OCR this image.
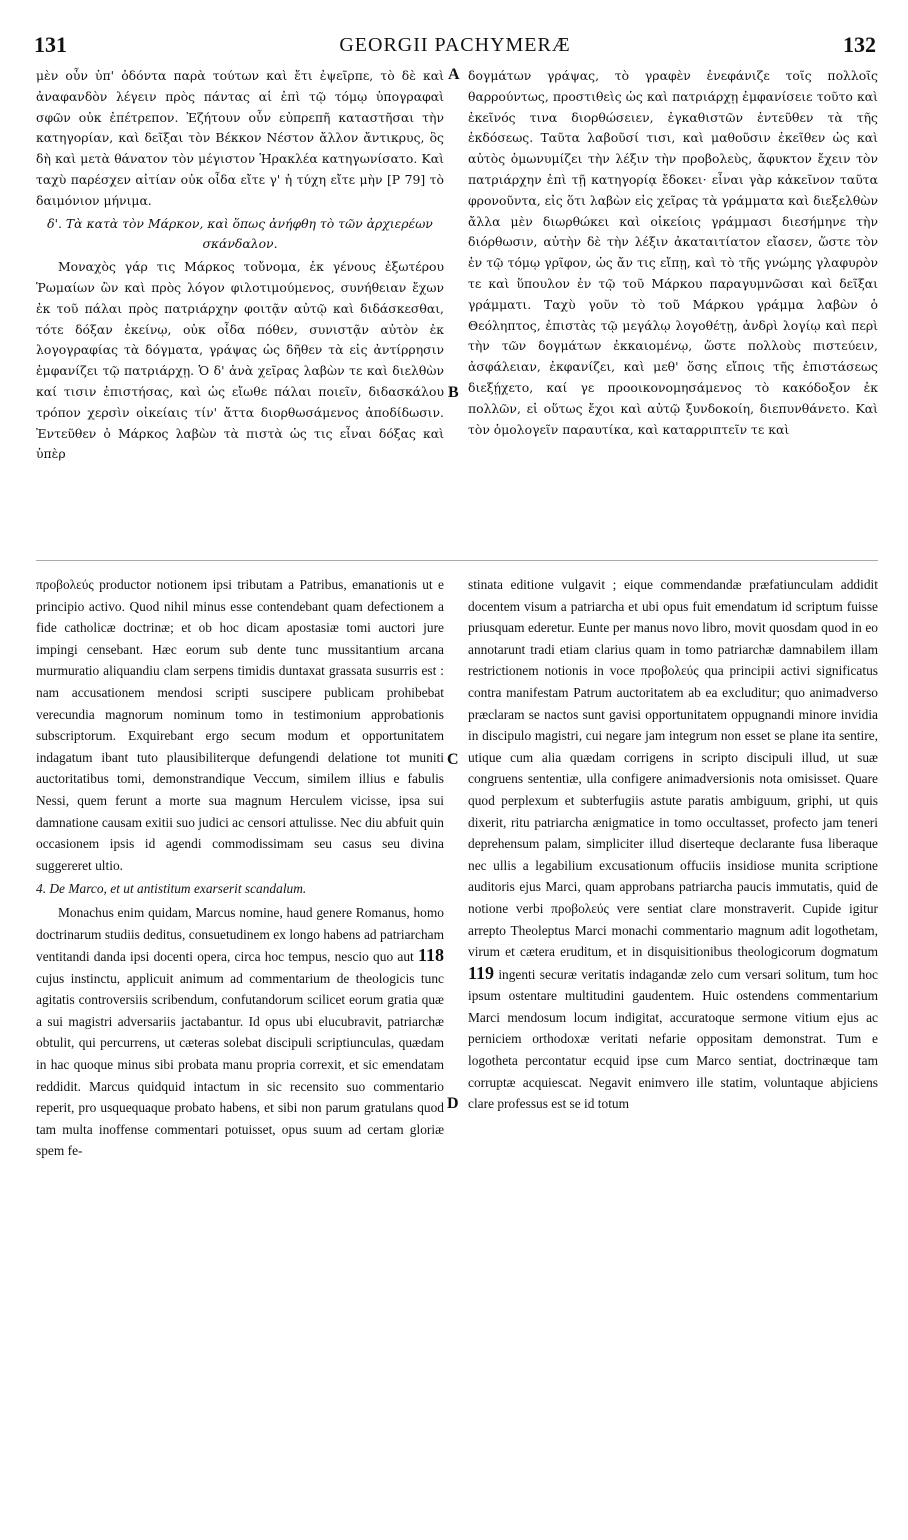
131	GEORGII PACHYMERÆ	132
A
B
C
D

μὲν οὖν ὑπ' ὀδόντα παρὰ τούτων καὶ ἔτι ἐψεῖρπε, τὸ δὲ καὶ ἀναφανδὸν λέγειν πρὸς πάντας αἱ ἐπὶ τῷ τόμῳ ὑπογραφαὶ σφῶν οὐκ ἐπέτρεπον. Ἐζήτουν οὖν εὐπρεπῆ καταστῆσαι τὴν κατηγορίαν, καὶ δεῖξαι τὸν Βέκκον Νέστον ἄλλον ἄντικρυς, ὃς δὴ καὶ μετὰ θάνατον τὸν μέγιστον Ἡρακλέα κατηγωνίσατο. Καὶ ταχὺ παρέσχεν αἰτίαν οὐκ οἶδα εἴτε γ' ἡ τύχη εἴτε μὴν [P 79] τὸ δαιμόνιον μήνιμα.

δ'. Τὰ κατὰ τὸν Μάρκον, καὶ ὅπως ἀνήφθη τὸ τῶν ἀρχιερέων σκάνδαλον.

Μοναχὸς γάρ τις Μάρκος τοὔνομα, ἐκ γένους ἐξωτέρου Ῥωμαίων ὢν καὶ πρὸς λόγον φιλοτιμούμενος, συνήθειαν ἔχων ἐκ τοῦ πάλαι πρὸς πατριάρχην φοιτᾷν αὐτῷ καὶ διδάσκεσθαι, τότε δόξαν ἐκείνῳ, οὐκ οἶδα πόθεν, συνιστᾷν αὐτὸν ἐκ λογογραφίας τὰ δόγματα, γράψας ὡς δῆθεν τὰ εἰς ἀντίρρησιν ἐμφανίζει τῷ πατριάρχῃ. Ὁ δ' ἀνὰ χεῖρας λαβὼν τε καὶ διελθὼν καί τισιν ἐπιστήσας, καὶ ὡς εἴωθε πάλαι ποιεῖν, διδασκάλου τρόπον χερσὶν οἰκείαις τίν' ἄττα διορθωσάμενος ἀποδίδωσιν. Ἐντεῦθεν ὁ Μάρκος λαβὼν τὰ πιστὰ ὡς τις εἶναι δόξας καὶ ὑπὲρ

δογμάτων γράψας, τὸ γραφὲν ἐνεφάνιζε τοῖς πολλοῖς θαρρούντως, προστιθεὶς ὡς καὶ πατριάρχῃ ἐμφανίσειε τοῦτο καὶ ἐκεῖνός τινα διορθώσειεν, ἐγκαθιστῶν ἐντεῦθεν τὰ τῆς ἐκδόσεως. Ταῦτα λαβοῦσί τισι, καὶ μαθοῦσιν ἐκεῖθεν ὡς καὶ αὐτὸς ὁμωνυμίζει τὴν λέξιν τὴν προβολεὺς, ἄφυκτον ἔχειν τὸν πατριάρχην ἐπὶ τῇ κατηγορίᾳ ἔδοκει· εἶναι γὰρ κἀκεῖνον ταῦτα φρονοῦντα, εἰς ὅτι λαβὼν εἰς χεῖρας τὰ γράμματα καὶ διεξελθὼν ἄλλα μὲν διωρθώκει καὶ οἰκείοις γράμμασι διεσήμηνε τὴν διόρθωσιν, αὐτὴν δὲ τὴν λέξιν ἀκαταιτίατον εἴασεν, ὥστε τὸν ἐν τῷ τόμῳ γρῖφον, ὡς ἄν τις εἴπῃ, καὶ τὸ τῆς γνώμης γλαφυρὸν τε καὶ ὕπουλον ἐν τῷ τοῦ Μάρκου παραγυμνῶσαι καὶ δεῖξαι γράμματι. Ταχὺ γοῦν τὸ τοῦ Μάρκου γράμμα λαβὼν ὁ Θεόληπτος, ἐπιστὰς τῷ μεγάλῳ λογοθέτῃ, ἀνδρὶ λογίῳ καὶ περὶ τὴν τῶν δογμάτων ἐκκαιομένῳ, ὥστε πολλοὺς πιστεύειν, ἀσφάλειαν, ἐκφανίζει, καὶ μεθ' ὅσης εἴποις τῆς ἐπιστάσεως διεξῄχετο, καί γε προοικονομησάμενος τὸ κακόδοξον ἐκ πολλῶν, εἰ οὕτως ἔχοι καὶ αὐτῷ ξυνδοκοίη, διεπυνθάνετο. Καὶ τὸν ὁμολογεῖν παραυτίκα, καὶ καταρριπτεῖν τε καὶ

προβολεύς productor notionem ipsi tributam a Patribus, emanationis ut e principio activo. Quod nihil minus esse contendebant quam defectionem a fide catholicæ doctrinæ; et ob hoc dicam apostasiæ tomi auctori jure impingi censebant. Hæc eorum sub dente tunc mussitantium arcana murmuratio aliquandiu clam serpens timidis duntaxat grassata susurris est : nam accusationem mendosi scripti suscipere publicam prohibebat verecundia magnorum nominum tomo in testimonium approbationis subscriptorum. Exquirebant ergo secum modum et opportunitatem indagatum ibant tuto plausibiliterque defungendi delatione tot muniti auctoritatibus tomi, demonstrandique Veccum, similem illius e fabulis Nessi, quem ferunt a morte sua magnum Herculem vicisse, ipsa sui damnatione causam exitii suo judici ac censori attulisse. Nec diu abfuit quin occasionem ipsis id agendi commodissimam seu casus seu divina suggereret ultio.

4. De Marco, et ut antistitum exarserit scandalum.

Monachus enim quidam, Marcus nomine, haud genere Romanus, homo doctrinarum studiis deditus, consuetudinem ex longo habens ad patriarcham ventitandi danda ipsi docenti opera, circa hoc tempus, nescio quo aut 118 cujus instinctu, applicuit animum ad commentarium de theologicis tunc agitatis controversiis scribendum, confutandorum scilicet eorum gratia quæ a sui magistri adversariis jactabantur. Id opus ubi elucubravit, patriarchæ obtulit, qui percurrens, ut cæteras solebat discipuli scriptiunculas, quædam in hac quoque minus sibi probata manu propria correxit, et sic emendatam reddidit. Marcus quidquid intactum in sic recensito suo commentario reperit, pro usquequaque probato habens, et sibi non parum gratulans quod tam multa inoffense commentari potuisset, opus suum ad certam gloriæ spem fe-

stinata editione vulgavit ; eique commendandæ præfatiunculam addidit docentem visum a patriarcha et ubi opus fuit emendatum id scriptum fuisse priusquam ederetur. Eunte per manus novo libro, movit quosdam quod in eo annotarunt tradi etiam clarius quam in tomo patriarchæ damnabilem illam restrictionem notionis in voce προβολεύς qua principii activi significatus contra manifestam Patrum auctoritatem ab ea excluditur; quo animadverso præclaram se nactos sunt gavisi opportunitatem oppugnandi minore invidia in discipulo magistri, cui negare jam integrum non esset se plane ita sentire, utique cum alia quædam corrigens in scripto discipuli illud, ut suæ congruens sententiæ, ulla configere animadversionis nota omisisset. Quare quod perplexum et subterfugiis astute paratis ambiguum, griphi, ut quis dixerit, ritu patriarcha ænigmatice in tomo occultasset, profecto jam teneri deprehensum palam, simpliciter illud diserteque declarante fusa liberaque nec ullis a legabilium excusationum offuciis insidiose munita scriptione auditoris ejus Marci, quam approbans patriarcha paucis immutatis, quid de notione verbi προβολεύς vere sentiat clare monstraverit. Cupide igitur arrepto Theoleptus Marci monachi commentario magnum adit logothetam, virum et cætera eruditum, et in disquisitionibus theologicorum dogmatum 119 ingenti securæ veritatis indagandæ zelo cum versari solitum, tum hoc ipsum ostentare multitudini gaudentem. Huic ostendens commentarium Marci mendosum locum indigitat, accuratoque sermone vitium ejus ac perniciem orthodoxæ veritati nefarie oppositam demonstrat. Tum e logotheta percontatur ecquid ipse cum Marco sentiat, doctrinæque tam corruptæ acquiescat. Negavit enimvero ille statim, voluntaque abjiciens clare professus est se id totum
